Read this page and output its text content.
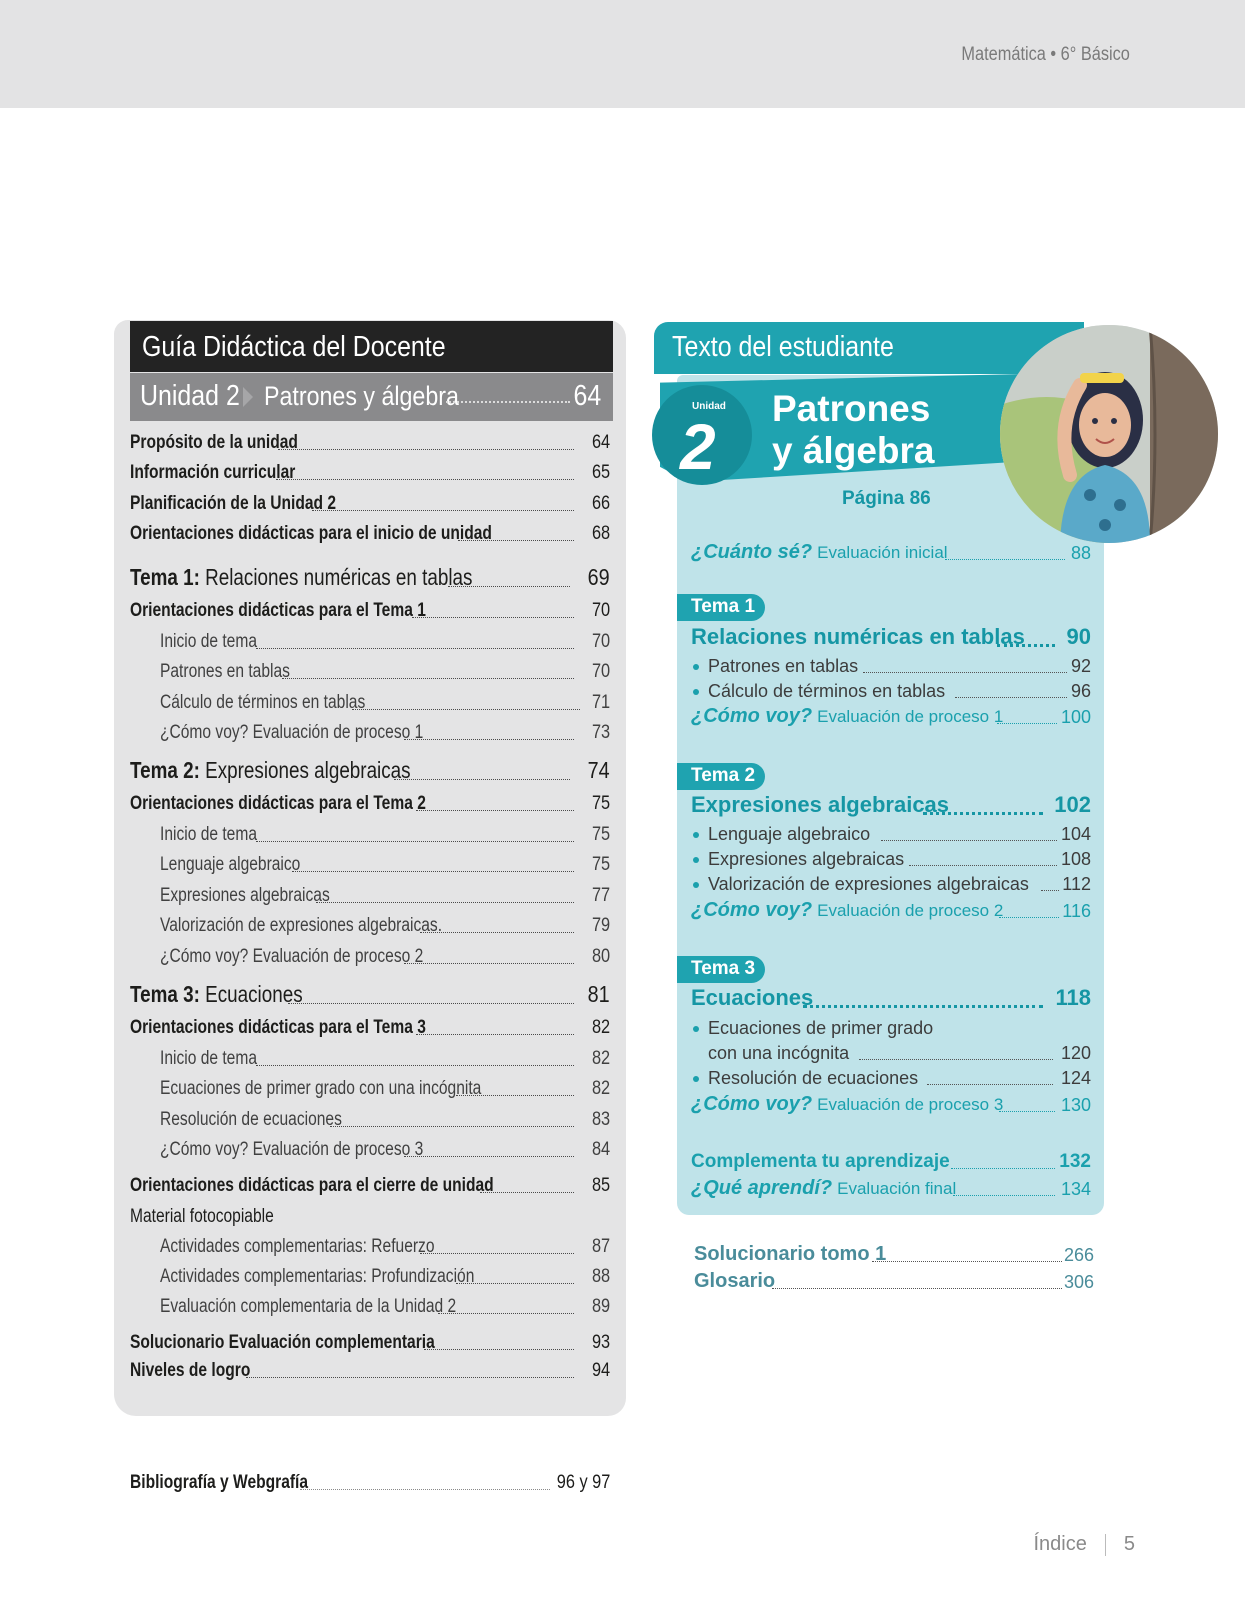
Matemática • 6° Básico
Guía Didáctica del Docente
Unidad 2 Patrones y álgebra	64
Propósito de la unidad	64
Información curricular	65
Planificación de la Unidad 2	66
Orientaciones didácticas para el inicio de unidad	68
Tema 1: Relaciones numéricas en tablas	69
Orientaciones didácticas para el Tema 1	70
Inicio de tema	70
Patrones en tablas	70
Cálculo de términos en tablas	71
¿Cómo voy? Evaluación de proceso 1	73
Tema 2: Expresiones algebraicas	74
Orientaciones didácticas para el Tema 2	75
Inicio de tema	75
Lenguaje algebraico	75
Expresiones algebraicas	77
Valorización de expresiones algebraicas.	79
¿Cómo voy? Evaluación de proceso 2	80
Tema 3: Ecuaciones	81
Orientaciones didácticas para el Tema 3	82
Inicio de tema	82
Ecuaciones de primer grado con una incógnita	82
Resolución de ecuaciones	83
¿Cómo voy? Evaluación de proceso 3	84
Orientaciones didácticas para el cierre de unidad	85
Material fotocopiable
Actividades complementarias: Refuerzo	87
Actividades complementarias: Profundización	88
Evaluación complementaria de la Unidad 2	89
Solucionario Evaluación complementaria	93
Niveles de logro	94
Bibliografía y Webgrafía	96 y 97
Texto del estudiante
Unidad
2
Patrones
y álgebra
Página 86
¿Cuánto sé? Evaluación inicial	88
Tema 1
Relaciones numéricas en tablas 90
Patrones en tablas	92
Cálculo de términos en tablas	96
¿Cómo voy? Evaluación de proceso 1	100
Tema 2
Expresiones algebraicas	102
Lenguaje algebraico	104
Expresiones algebraicas	108
Valorización de expresiones algebraicas 112
¿Cómo voy? Evaluación de proceso 2	116
Tema 3
Ecuaciones	118
Ecuaciones de primer grado
con una incógnita	120
Resolución de ecuaciones	124
¿Cómo voy? Evaluación de proceso 3	130
Complementa tu aprendizaje	132
¿Qué aprendí? Evaluación final	134
Solucionario tomo 1	266
Glosario	306
Índice 5
